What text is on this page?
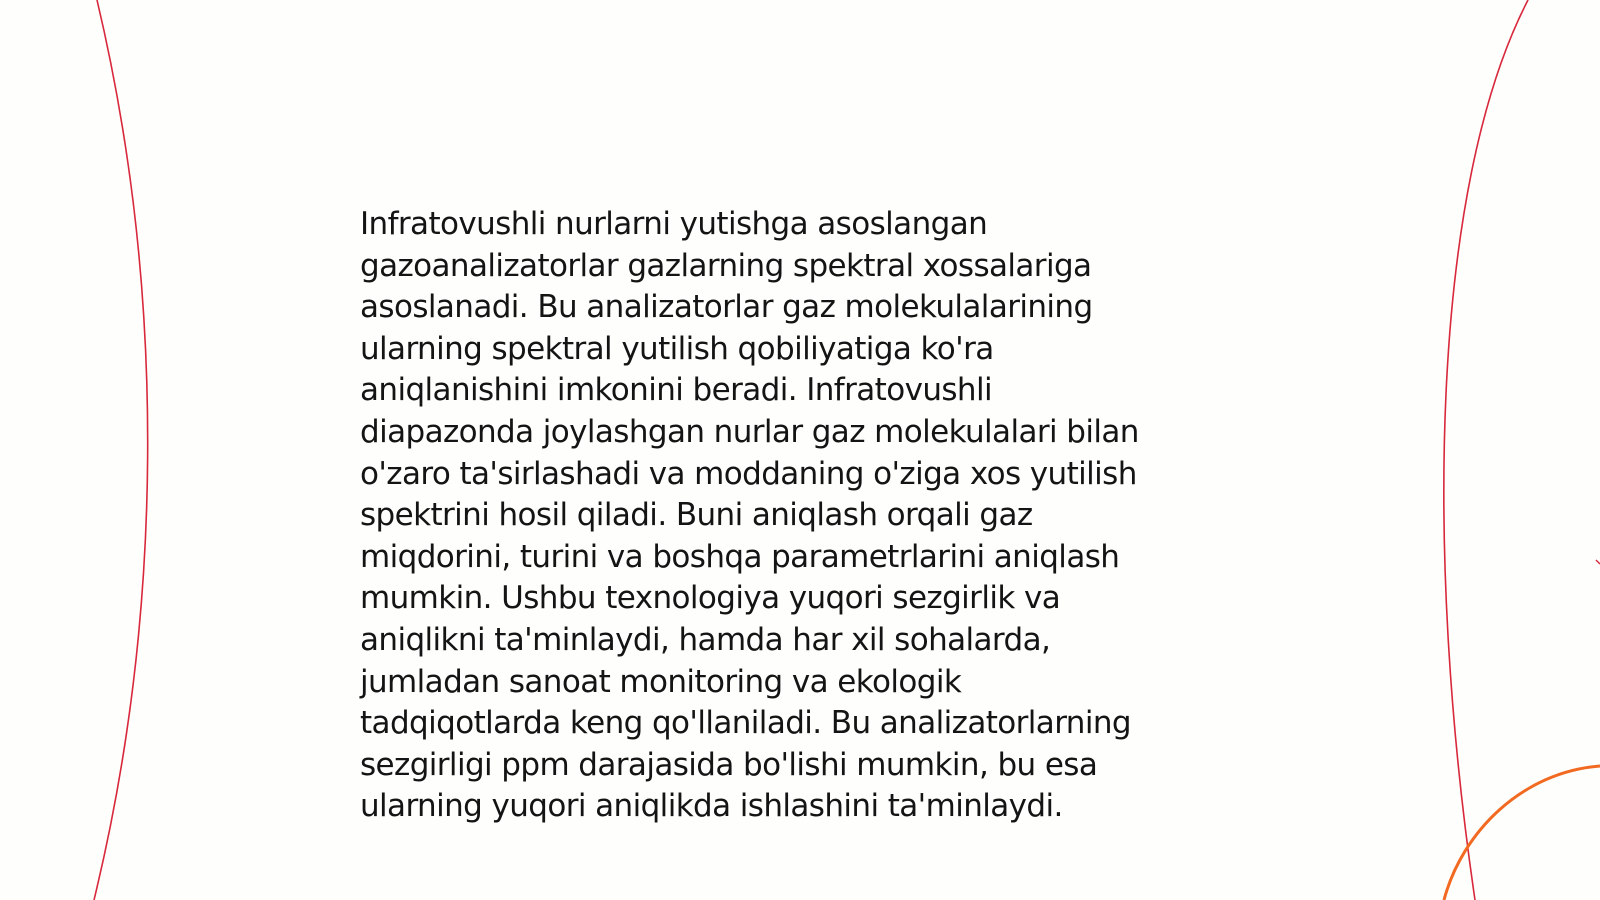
Infratovushli nurlarni yutishga asoslangan
gazoanalizatorlar gazlarning spektral xossalariga
asoslanadi. Bu analizatorlar gaz molekulalarining
ularning spektral yutilish qobiliyatiga ko'ra
aniqlanishini imkonini beradi. Infratovushli
diapazonda joylashgan nurlar gaz molekulalari bilan
o'zaro ta'sirlashadi va moddaning o'ziga xos yutilish
spektrini hosil qiladi. Buni aniqlash orqali gaz
miqdorini, turini va boshqa parametrlarini aniqlash
mumkin. Ushbu texnologiya yuqori sezgirlik va
aniqlikni ta'minlaydi, hamda har xil sohalarda,
jumladan sanoat monitoring va ekologik
tadqiqotlarda keng qo'llaniladi. Bu analizatorlarning
sezgirligi ppm darajasida bo'lishi mumkin, bu esa
ularning yuqori aniqlikda ishlashini ta'minlaydi.
